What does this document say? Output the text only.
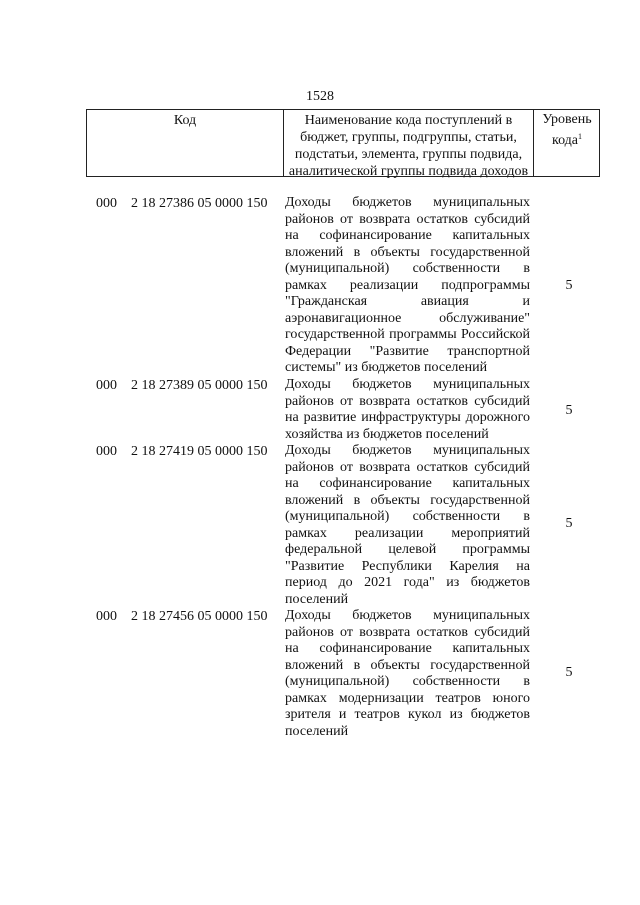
1528
Код	Наименование кода поступлений в
бюджет, группы, подгруппы, статьи,
подстатьи, элемента, группы подвида,
аналитической группы подвида доходов
Уровень
кода$^1$
000 2 18 27386 05 0000 150 Доходы бюджетов муниципальных
районов от возврата остатков субсидий
на софинансирование капитальных
вложений в объекты государственной
(муниципальной) собственности в
рамках реализации подпрограммы
"Гражданская авиация и
аэронавигационное обслуживание"
государственной программы Российской
Федерации "Развитие транспортной
системы" из бюджетов поселений
5
000 2 18 27389 05 0000 150 Доходы бюджетов муниципальных
районов от возврата остатков субсидий
на развитие инфраструктуры дорожного
хозяйства из бюджетов поселений
5
000 2 18 27419 05 0000 150 Доходы бюджетов муниципальных
районов от возврата остатков субсидий
на софинансирование капитальных
вложений в объекты государственной
(муниципальной) собственности в
рамках реализации мероприятий
федеральной целевой программы
"Развитие Республики Карелия на
период до 2021 года" из бюджетов
поселений
5
000 2 18 27456 05 0000 150 Доходы бюджетов муниципальных
районов от возврата остатков субсидий
на софинансирование капитальных
вложений в объекты государственной
(муниципальной) собственности в
рамках модернизации театров юного
зрителя и театров кукол из бюджетов
поселений
5
